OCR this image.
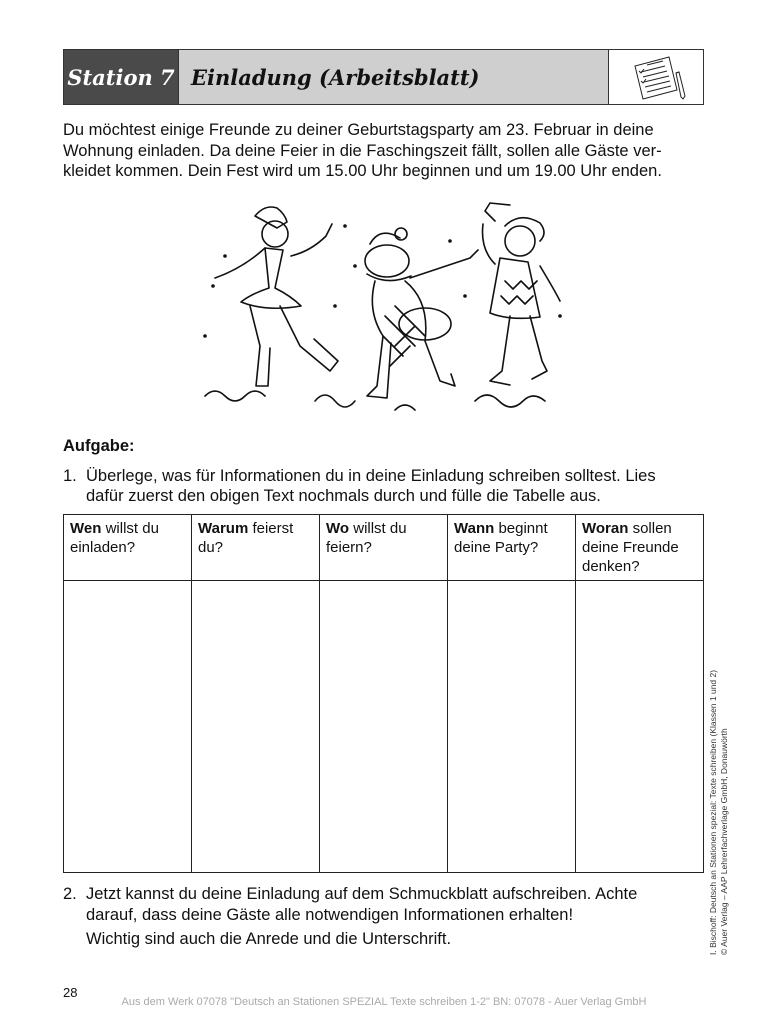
Station 7 Einladung (Arbeitsblatt)

Du möchtest einige Freunde zu deiner Geburtstagsparty am 23. Februar in deine

Wohnung einladen. Da deine Feier in die Faschingszeit fällt, sollen alle Gäste ver-

kleidet kommen. Dein Fest wird um 15.00 Uhr beginnen und um 19.00 Uhr enden.

Aufgabe:
1. Überlege, was für Informationen du in deine Einladung schreiben solltest. Lies
dafür zuerst den obigen Text nochmals durch und fülle die Tabelle aus.
Wen willst du einladen?	Warum feierst du?	Wo willst du feiern?	Wann beginnt deine Party?	Woran sollen deine Freunde denken?

2. Jetzt kannst du deine Einladung auf dem Schmuckblatt aufschreiben. Achte
darauf, dass deine Gäste alle notwendigen Informationen erhalten!
Wichtig sind auch die Anrede und die Unterschrift.	I. Bischoff: Deutsch an Stationen spezial: Texte schreiben (Klassen 1 und 2) © Auer Verlag – AAP Lehrerfachverlage GmbH, Donauwörth
28
Aus dem Werk 07078 "Deutsch an Stationen SPEZIAL Texte schreiben 1-2" BN: 07078 - Auer Verlag GmbH
